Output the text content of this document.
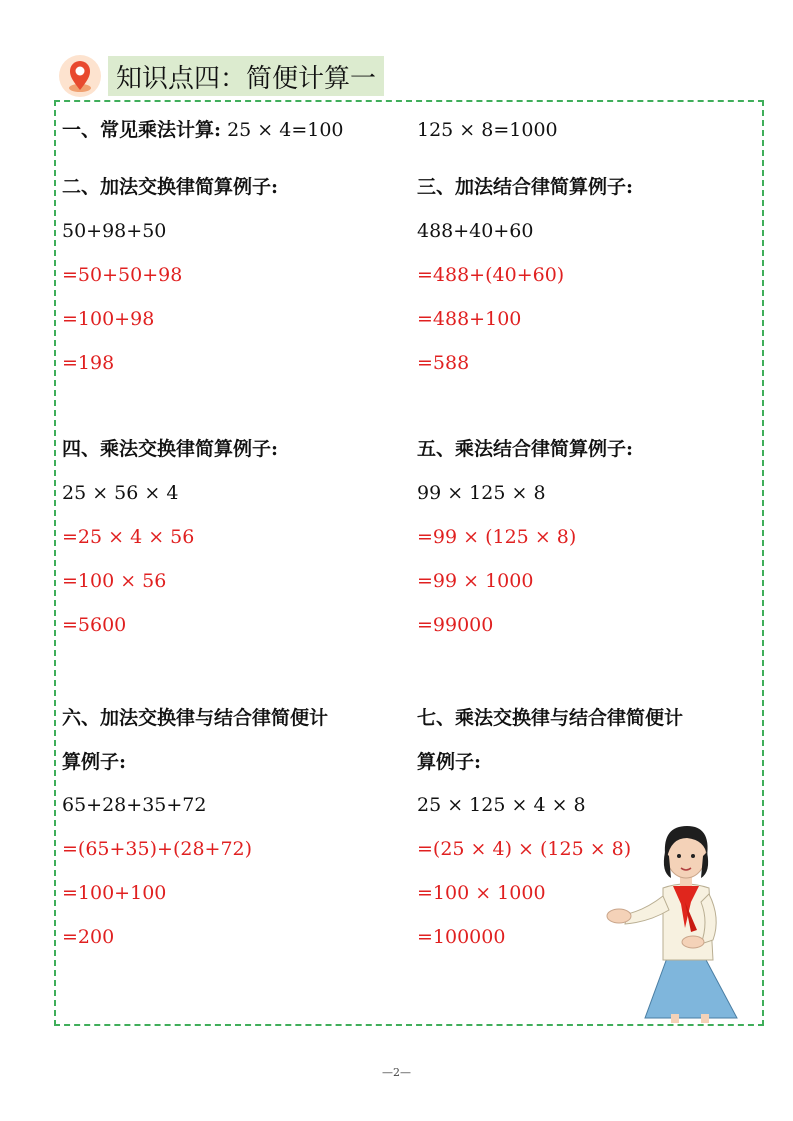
知识点四：简便计算一
一、常见乘法计算: 25 × 4=100	125 × 8=1000
二、加法交换律简算例子:
50+98+50
=50+50+98
=100+98
=198
三、加法结合律简算例子:
488+40+60
=488+(40+60)
=488+100
=588
四、乘法交换律简算例子:
25 × 56 × 4
=25 × 4 × 56
=100 × 56
=5600
五、乘法结合律简算例子:
99 × 125 × 8
=99 × (125 × 8)
=99 × 1000
=99000
六、加法交换律与结合律简便计
算例子:
65+28+35+72
=(65+35)+(28+72)
=100+100
=200
七、乘法交换律与结合律简便计
算例子:
25 × 125 × 4 × 8
=(25 × 4) × (125 × 8)
=100 × 1000
=100000
—2—
